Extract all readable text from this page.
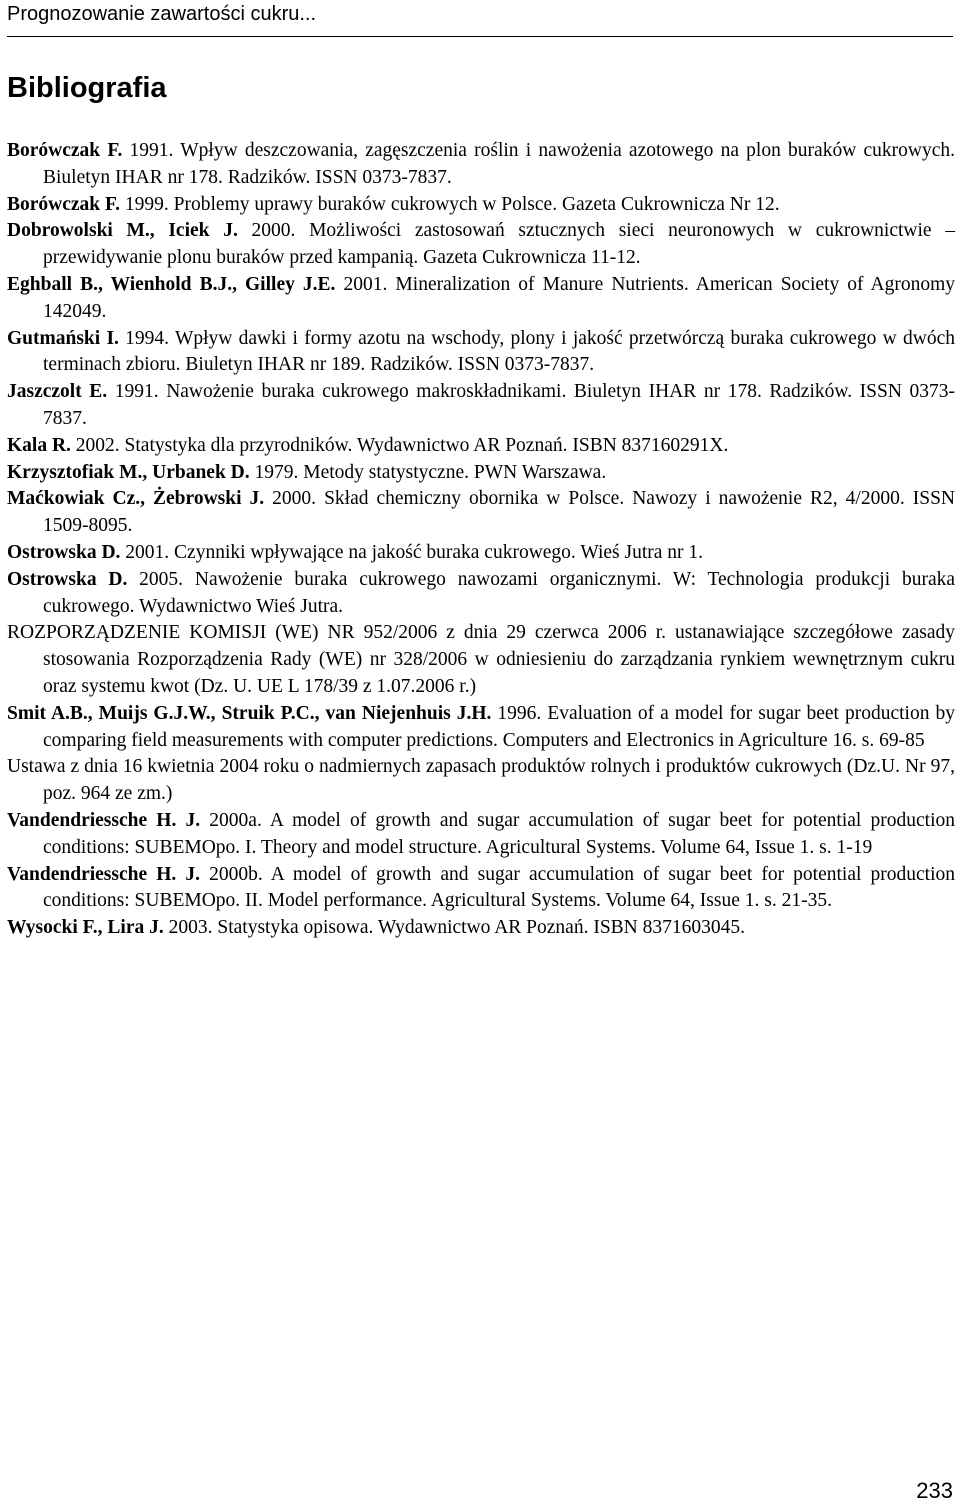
Prognozowanie zawartości cukru...
Bibliografia
Borówczak F. 1991. Wpływ deszczowania, zagęszczenia roślin i nawożenia azotowego na plon buraków cukrowych. Biuletyn IHAR nr 178. Radzików. ISSN 0373-7837.
Borówczak F. 1999. Problemy uprawy buraków cukrowych w Polsce. Gazeta Cukrownicza Nr 12.
Dobrowolski M., Iciek J. 2000. Możliwości zastosowań sztucznych sieci neuronowych w cukrownictwie – przewidywanie plonu buraków przed kampanią. Gazeta Cukrownicza 11-12.
Eghball B., Wienhold B.J., Gilley J.E. 2001. Mineralization of Manure Nutrients. American Society of Agronomy 142049.
Gutmański I. 1994. Wpływ dawki i formy azotu na wschody, plony i jakość przetwórczą buraka cukrowego w dwóch terminach zbioru. Biuletyn IHAR nr 189. Radzików. ISSN 0373-7837.
Jaszczolt E. 1991. Nawożenie buraka cukrowego makroskładnikami. Biuletyn IHAR nr 178. Radzików. ISSN 0373-7837.
Kala R. 2002. Statystyka dla przyrodników. Wydawnictwo AR Poznań. ISBN 837160291X.
Krzysztofiak M., Urbanek D. 1979. Metody statystyczne. PWN Warszawa.
Maćkowiak Cz., Żebrowski J. 2000. Skład chemiczny obornika w Polsce. Nawozy i nawożenie R2, 4/2000. ISSN 1509-8095.
Ostrowska D. 2001. Czynniki wpływające na jakość buraka cukrowego. Wieś Jutra nr 1.
Ostrowska D. 2005. Nawożenie buraka cukrowego nawozami organicznymi. W: Technologia produkcji buraka cukrowego. Wydawnictwo Wieś Jutra.
ROZPORZĄDZENIE KOMISJI (WE) NR 952/2006 z dnia 29 czerwca 2006 r. ustanawiające szczegółowe zasady stosowania Rozporządzenia Rady (WE) nr 328/2006 w odniesieniu do zarządzania rynkiem wewnętrznym cukru oraz systemu kwot (Dz. U. UE L 178/39 z 1.07.2006 r.)
Smit A.B., Muijs G.J.W., Struik P.C., van Niejenhuis J.H. 1996. Evaluation of a model for sugar beet production by comparing field measurements with computer predictions. Computers and Electronics in Agriculture 16. s. 69-85
Ustawa z dnia 16 kwietnia 2004 roku o nadmiernych zapasach produktów rolnych i produktów cukrowych (Dz.U. Nr 97, poz. 964 ze zm.)
Vandendriessche H. J. 2000a. A model of growth and sugar accumulation of sugar beet for potential production conditions: SUBEMOpo. I. Theory and model structure. Agricultural Systems. Volume 64, Issue 1. s. 1-19
Vandendriessche H. J. 2000b. A model of growth and sugar accumulation of sugar beet for potential production conditions: SUBEMOpo. II. Model performance. Agricultural Systems. Volume 64, Issue 1. s. 21-35.
Wysocki F., Lira J. 2003. Statystyka opisowa. Wydawnictwo AR Poznań. ISBN 8371603045.
233
